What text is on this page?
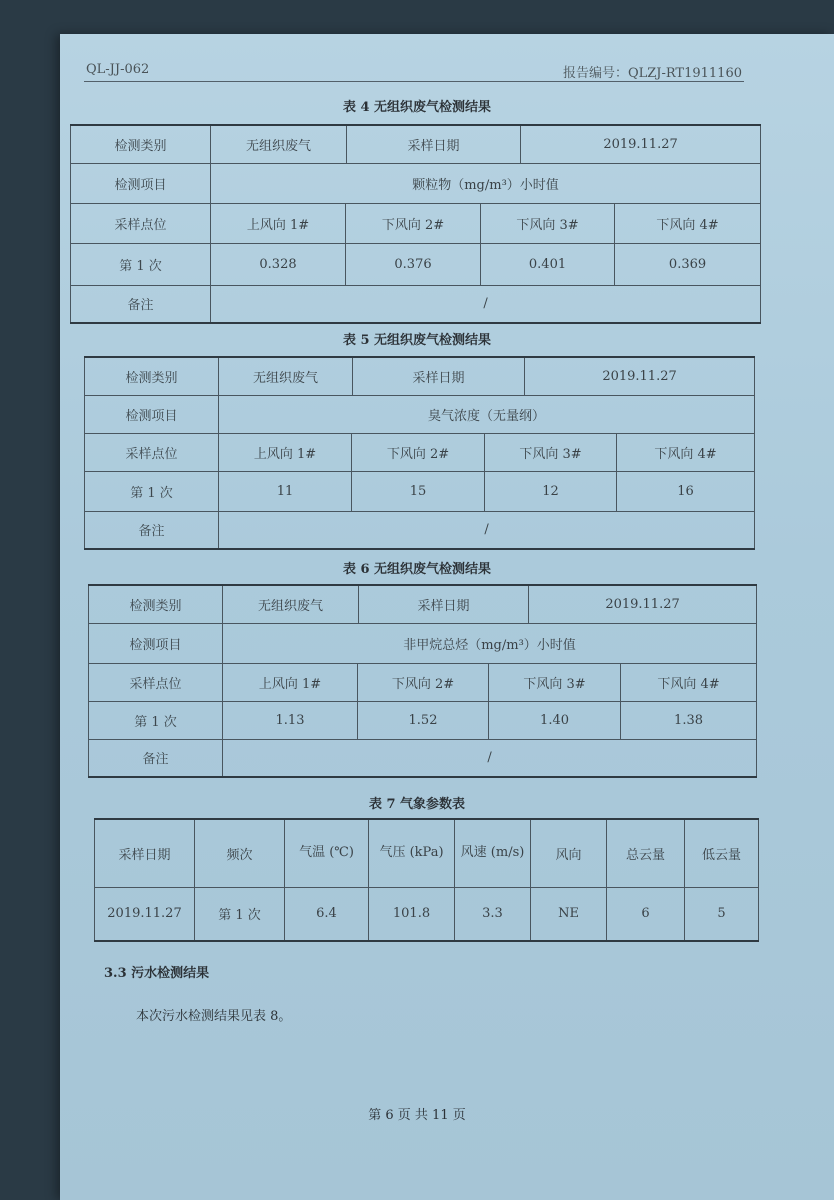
QL-JJ-062	报告编号：QLZJ-RT1911160
表 4 无组织废气检测结果
检测类别	无组织废气	采样日期		2019.11.27	
检测项目	颗粒物（mg/m³）小时值				
采样点位	上风向 1#	下风向 2#	下风向 3#		下风向 4#
第 1 次	0.328	0.376	0.401		0.369
备注	/				
表 5 无组织废气检测结果
检测类别	无组织废气	采样日期		2019.11.27	
检测项目	臭气浓度（无量纲）				
采样点位	上风向 1#	下风向 2#	下风向 3#		下风向 4#
第 1 次	11	15	12		16
备注	/				
表 6 无组织废气检测结果
检测类别	无组织废气	采样日期		2019.11.27	
检测项目	非甲烷总烃（mg/m³）小时值				
采样点位	上风向 1#	下风向 2#	下风向 3#		下风向 4#
第 1 次	1.13	1.52	1.40		1.38
备注	/				
表 7 气象参数表
采样日期	频次	气温 (℃)	气压 (kPa)	风速 (m/s)	风向	总云量	低云量
2019.11.27	第 1 次	6.4	101.8	3.3	NE	6	5
3.3 污水检测结果
本次污水检测结果见表 8。
第 6 页 共 11 页
